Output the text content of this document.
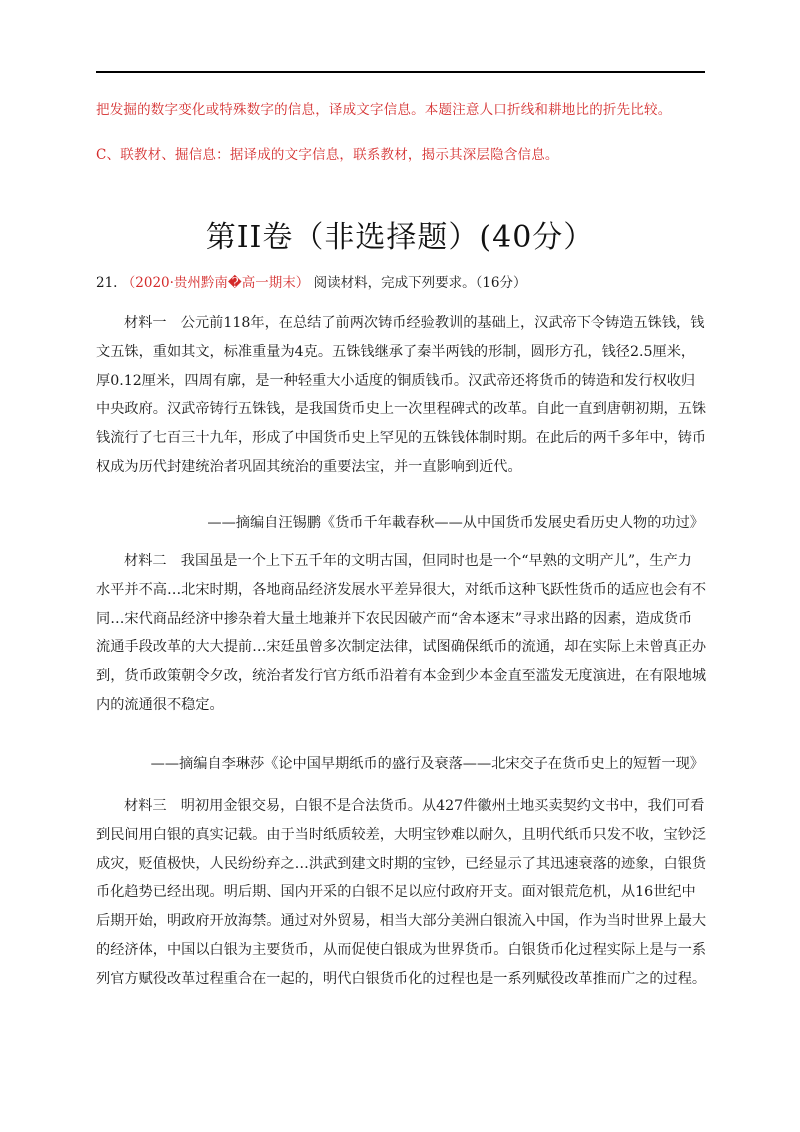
把发掘的数字变化或特殊数字的信息，译成文字信息。本题注意人口折线和耕地比的折先比较。
C、联教材、掘信息：据译成的文字信息，联系教材，揭示其深层隐含信息。
第II卷（非选择题）(40分）
21. （2020·贵州黔南�高一期末） 阅读材料，完成下列要求。（16分）
材料一　公元前118年，在总结了前两次铸币经验教训的基础上，汉武帝下令铸造五铢钱，钱
文五铢，重如其文，标准重量为4克。五铢钱继承了秦半两钱的形制，圆形方孔，钱径2.5厘米，
厚0.12厘米，四周有廓，是一种轻重大小适度的铜质钱币。汉武帝还将货币的铸造和发行权收归
中央政府。汉武帝铸行五铢钱，是我国货币史上一次里程碑式的改革。自此一直到唐朝初期，五铢
钱流行了七百三十九年，形成了中国货币史上罕见的五铢钱体制时期。在此后的两千多年中，铸币
权成为历代封建统治者巩固其统治的重要法宝，并一直影响到近代。
——摘编自汪锡鹏《货币千年載春秋——从中国货币发展史看历史人物的功过》
材料二　我国虽是一个上下五千年的文明古国，但同时也是一个“早熟的文明产儿”，生产力
水平并不高…北宋时期，各地商品经济发展水平差异很大，对纸币这种飞跃性货币的适应也会有不
同…宋代商品经济中掺杂着大量土地兼并下农民因破产而“舍本逐末”寻求出路的因素，造成货币
流通手段改革的大大提前…宋廷虽曾多次制定法律，试图确保纸币的流通，却在实际上未曾真正办
到，货币政策朝令夕改，统治者发行官方纸币沿着有本金到少本金直至滥发无度演进，在有限地城
内的流通很不稳定。
——摘编自李琳莎《论中国早期纸币的盛行及衰落——北宋交子在货币史上的短暂一现》
材料三　明初用金银交易，白银不是合法货币。从427件徽州土地买卖契约文书中，我们可看
到民间用白银的真实记载。由于当时纸质较差，大明宝钞难以耐久，且明代纸币只发不收，宝钞泛
成灾，贬值极快，人民纷纷弃之…洪武到建文时期的宝钞，已经显示了其迅速衰落的迹象，白银货
币化趋势已经出现。明后期、国内开采的白银不足以应付政府开支。面对银荒危机，从16世纪中
后期开始，明政府开放海禁。通过对外贸易，相当大部分美洲白银流入中国，作为当时世界上最大
的经济体，中国以白银为主要货币，从而促使白银成为世界货币。白银货币化过程实际上是与一系
列官方赋役改革过程重合在一起的，明代白银货币化的过程也是一系列赋役改革推而广之的过程。
